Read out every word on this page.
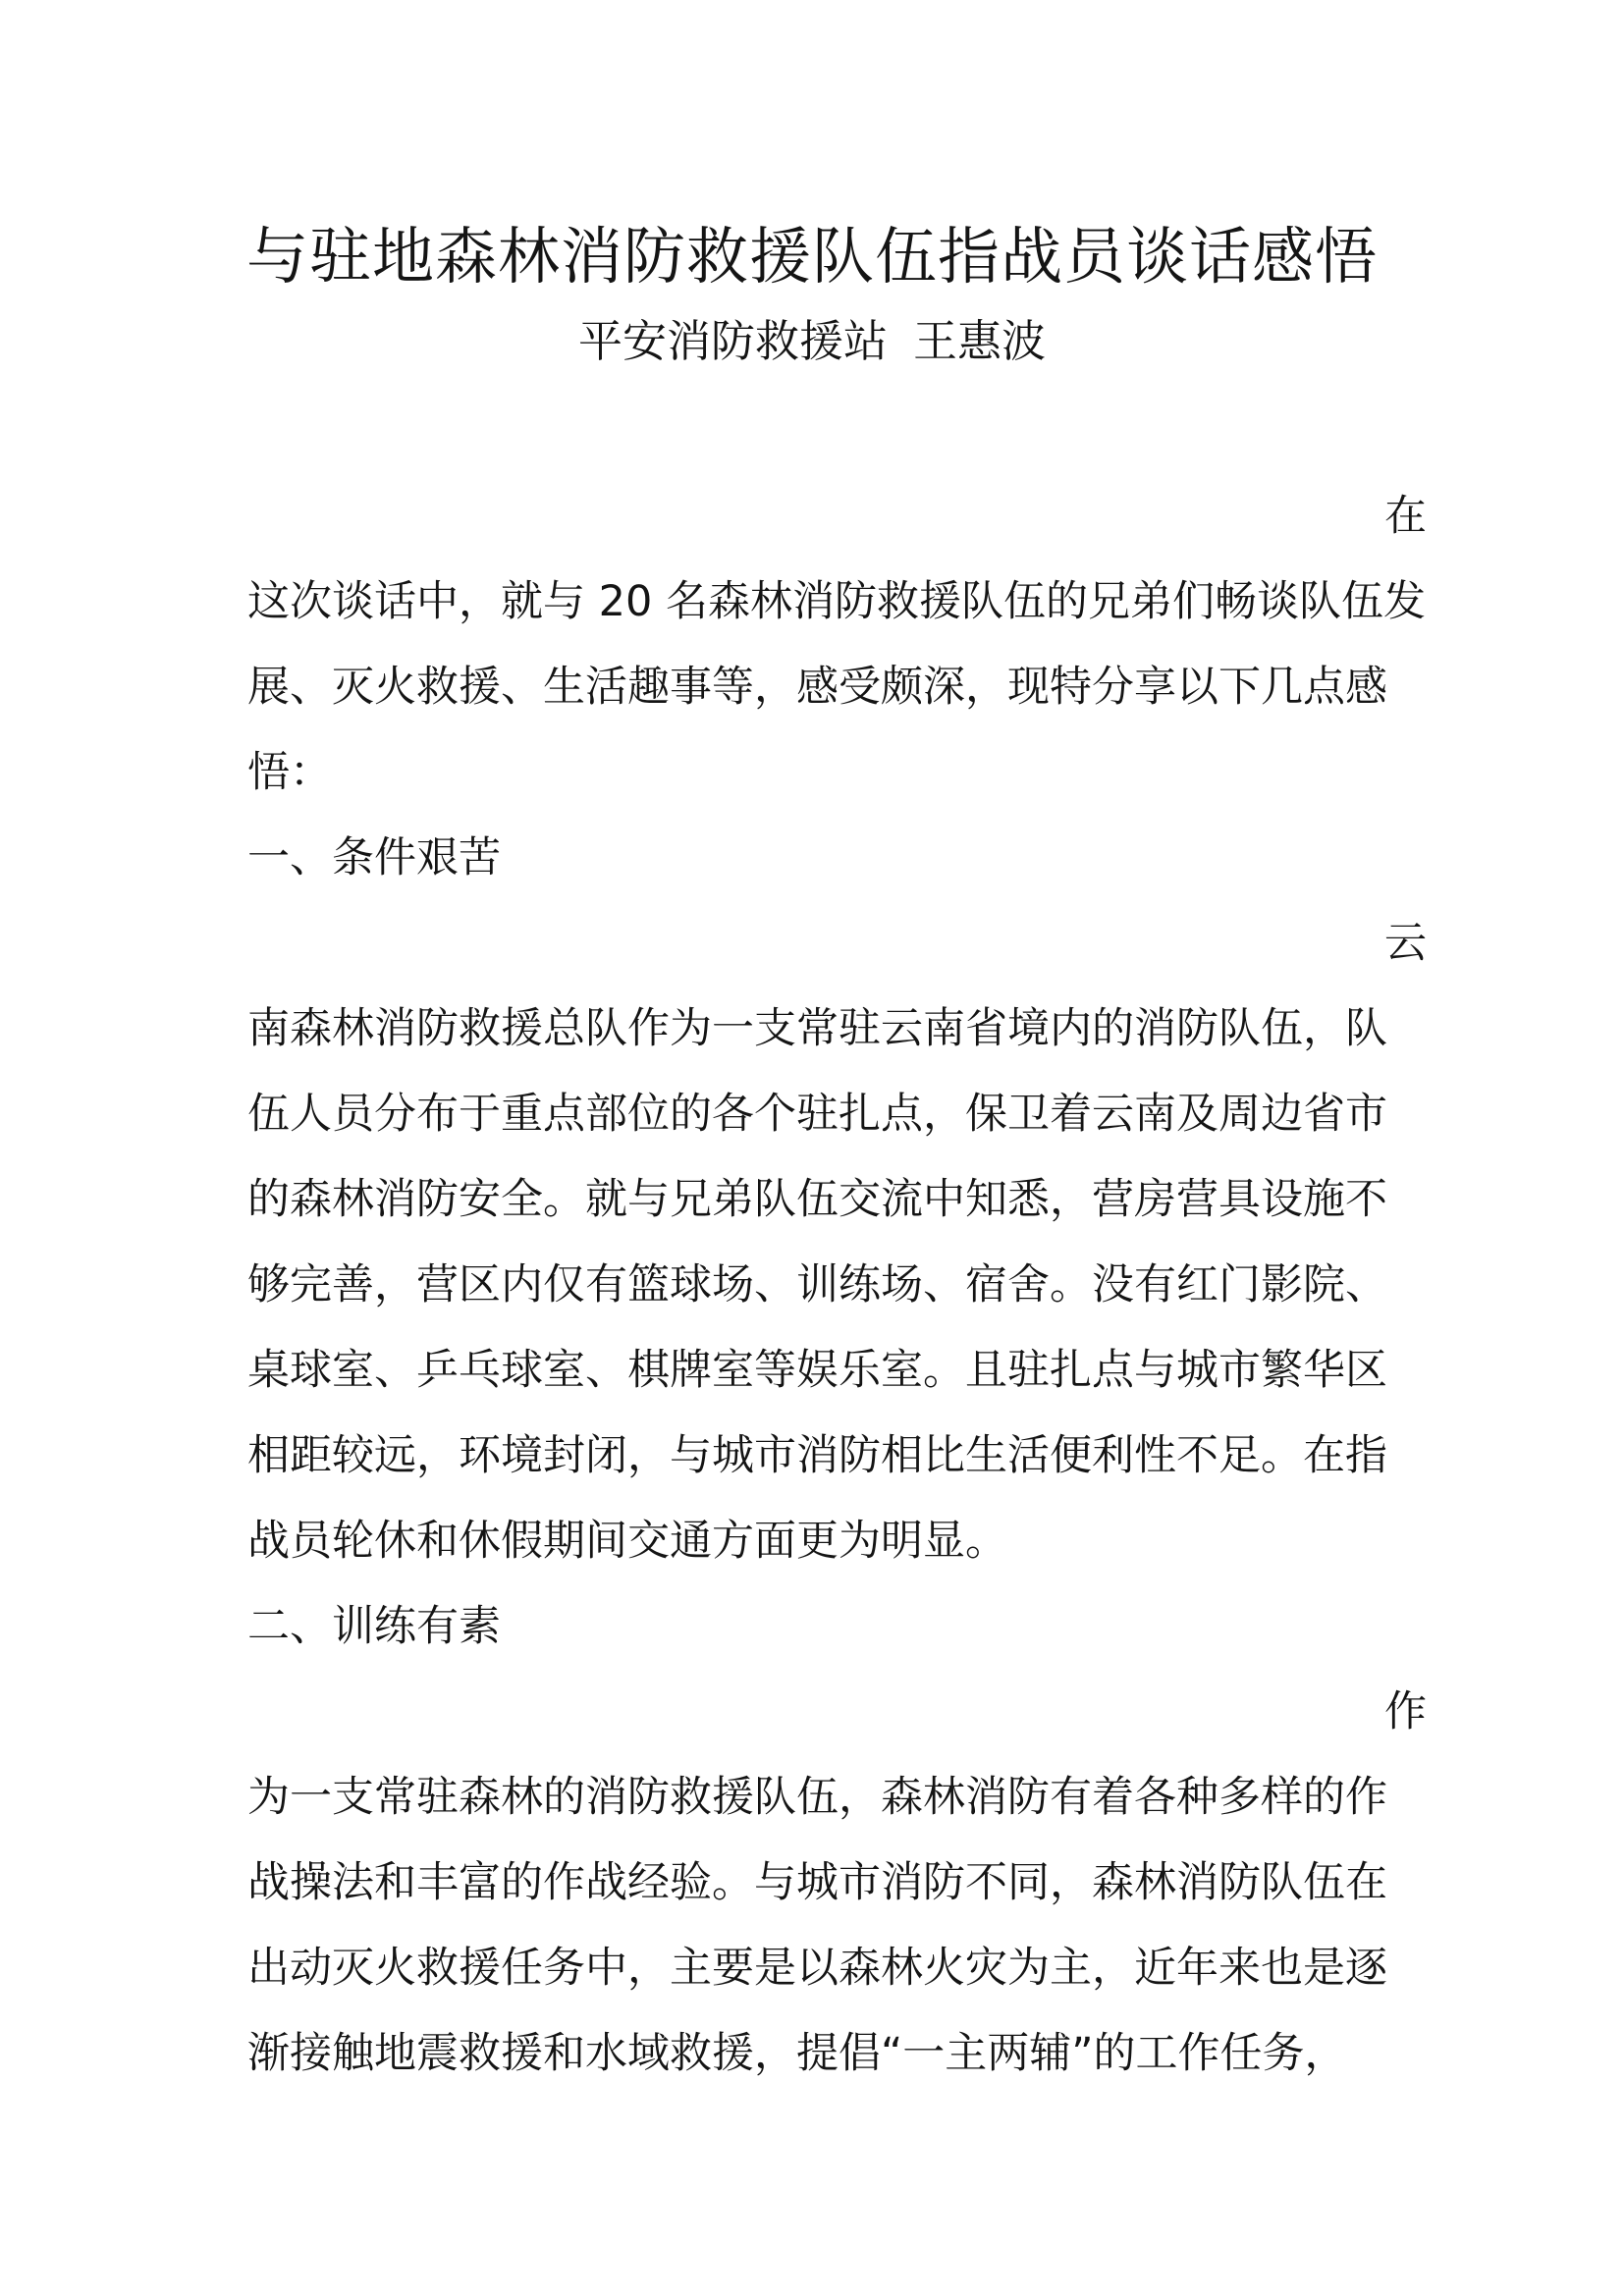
与驻地森林消防救援队伍指战员谈话感悟

平安消防救援站 王惠波

在
这次谈话中，就与 20 名森林消防救援队伍的兄弟们畅谈队伍发
展、灭火救援、生活趣事等，感受颇深，现特分享以下几点感
悟：
一、条件艰苦
云
南森林消防救援总队作为一支常驻云南省境内的消防队伍，队
伍人员分布于重点部位的各个驻扎点，保卫着云南及周边省市
的森林消防安全。就与兄弟队伍交流中知悉，营房营具设施不
够完善，营区内仅有篮球场、训练场、宿舍。没有红门影院、
桌球室、乒乓球室、棋牌室等娱乐室。且驻扎点与城市繁华区
相距较远，环境封闭，与城市消防相比生活便利性不足。在指
战员轮休和休假期间交通方面更为明显。
二、训练有素
作
为一支常驻森林的消防救援队伍，森林消防有着各种多样的作
战操法和丰富的作战经验。与城市消防不同，森林消防队伍在
出动灭火救援任务中，主要是以森林火灾为主，近年来也是逐
渐接触地震救援和水域救援，提倡“一主两辅”的工作任务，
